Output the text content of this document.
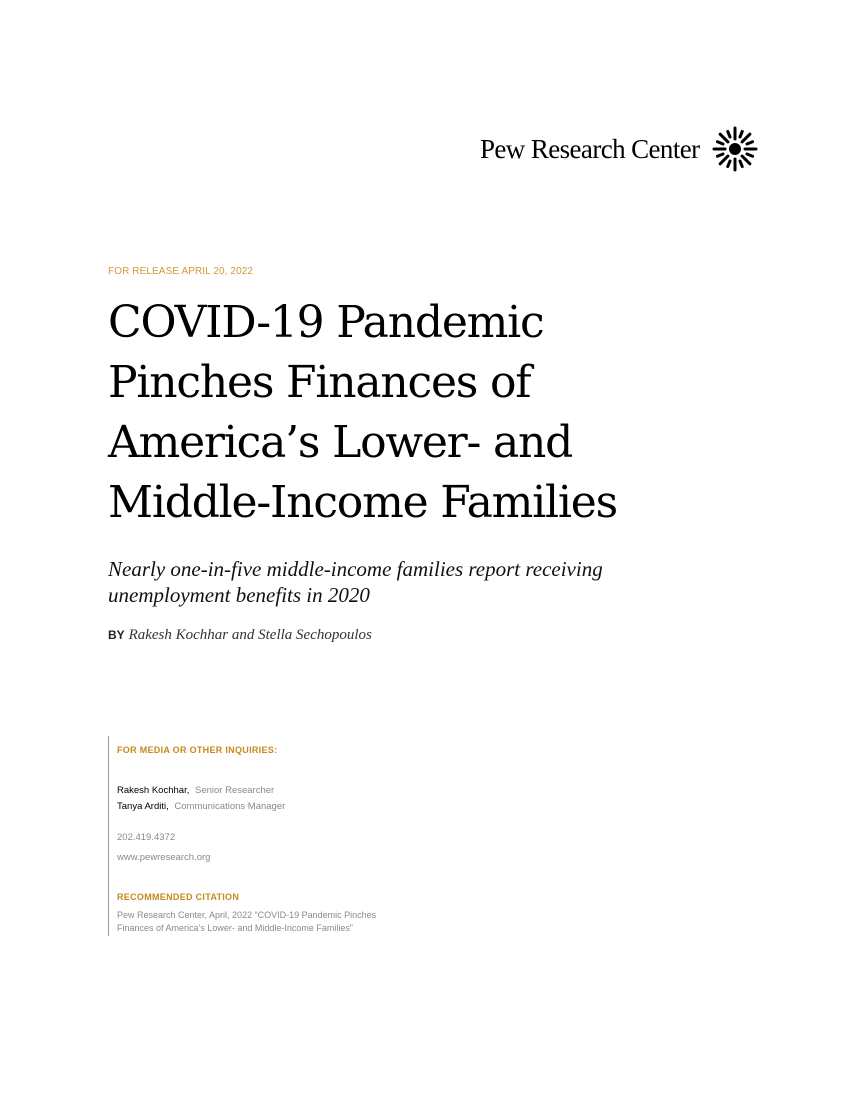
Pew Research Center
FOR RELEASE APRIL 20, 2022
COVID-19 Pandemic
Pinches Finances of
America’s Lower- and
Middle-Income Families
Nearly one-in-five middle-income families report receiving
unemployment benefits in 2020
BY Rakesh Kochhar and Stella Sechopoulos
FOR MEDIA OR OTHER INQUIRIES:
Rakesh Kochhar, Senior Researcher
Tanya Arditi, Communications Manager
202.419.4372
www.pewresearch.org
RECOMMENDED CITATION
Pew Research Center, April, 2022 “COVID-19 Pandemic Pinches
Finances of America’s Lower- and Middle-Income Families”
